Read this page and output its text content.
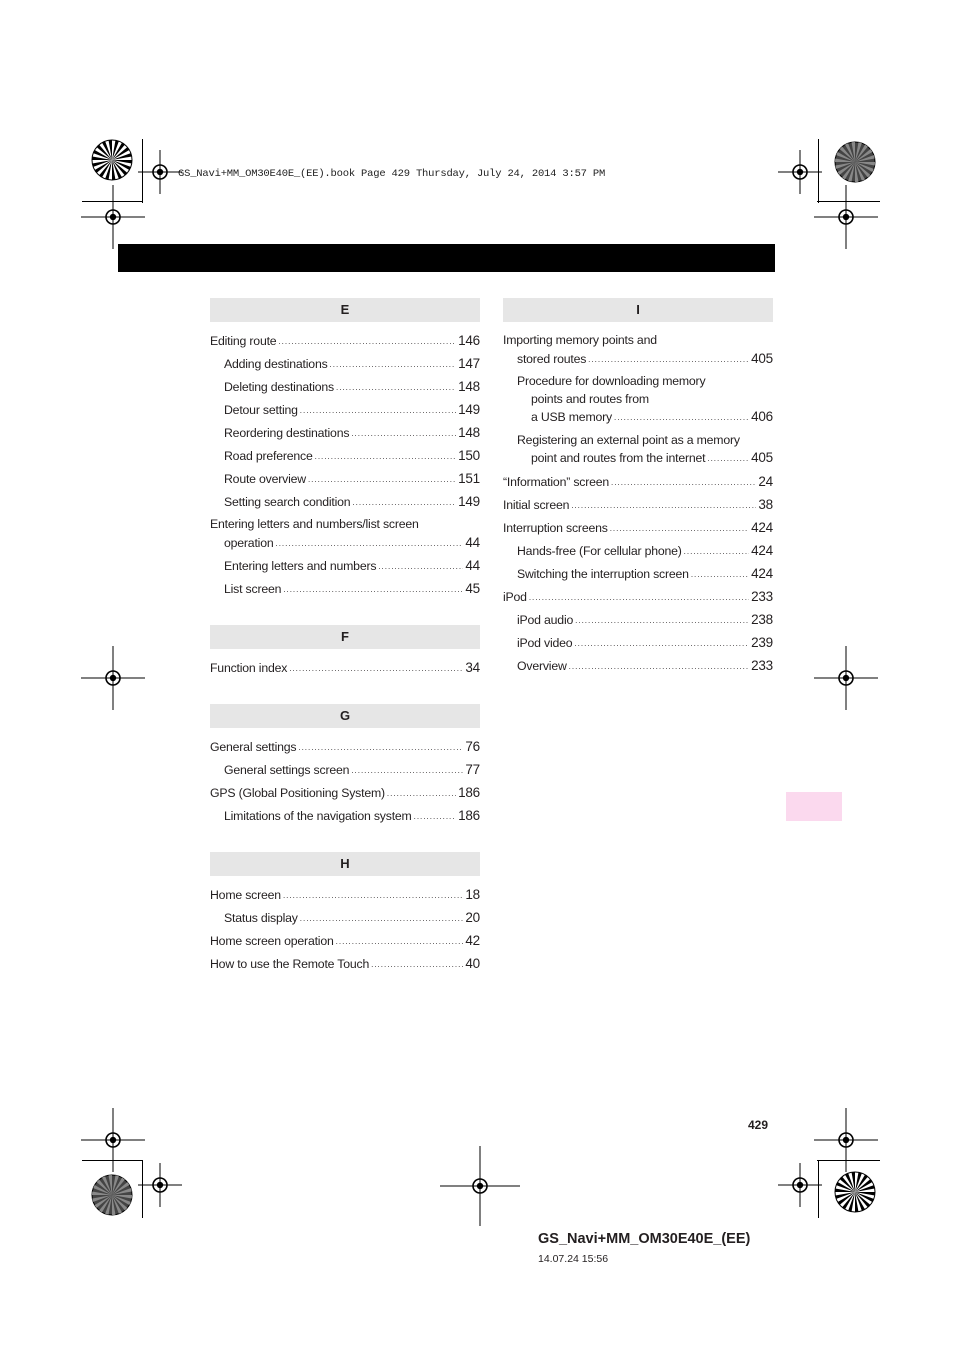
GS_Navi+MM_OM30E40E_(EE).book Page 429 Thursday, July 24, 2014 3:57 PM
E
Editing route .....	146
Adding destinations .....	147
Deleting destinations .....	148
Detour setting .....	149
Reordering destinations .....	148
Road preference .....	150
Route overview .....	151
Setting search condition .....	149
Entering letters and numbers/list screen
operation .....	44
Entering letters and numbers .....	44
List screen .....	45
F
Function index .....	34
G
General settings .....	76
General settings screen .....	77
GPS (Global Positioning System) .....	186
Limitations of the navigation system .....	186
H
Home screen .....	18
Status display .....	20
Home screen operation .....	42
How to use the Remote Touch .....	40
I
Importing memory points and
stored routes .....	405
Procedure for downloading memory
points and routes from
a USB memory .....	406
Registering an external point as a memory
point and routes from the internet .....	405
“Information” screen .....	24
Initial screen .....	38
Interruption screens .....	424
Hands-free (For cellular phone) .....	424
Switching the interruption screen .....	424
iPod .....	233
iPod audio .....	238
iPod video .....	239
Overview .....	233
429
GS_Navi+MM_OM30E40E_(EE)
14.07.24 15:56
